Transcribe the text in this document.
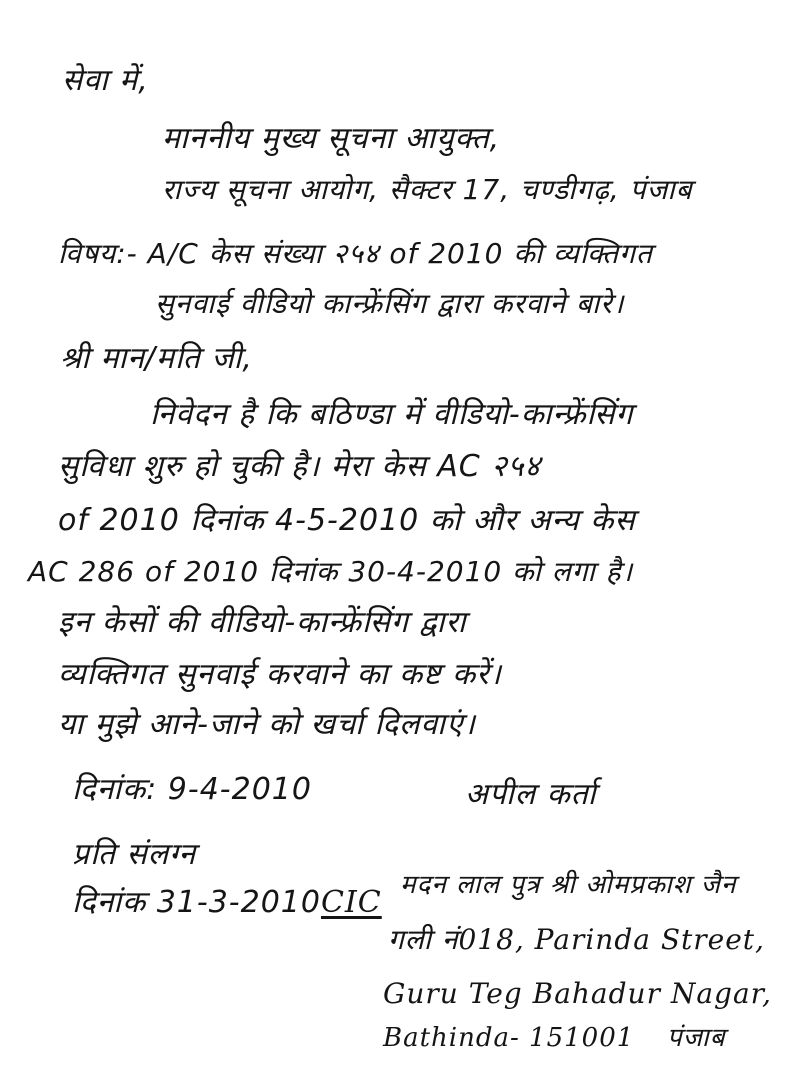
सेवा में,
माननीय मुख्य सूचना आयुक्त,
राज्य सूचना आयोग, सैक्टर 17, चण्डीगढ़, पंजाब
विषय:- A/C केस संख्या २५४ of 2010 की व्यक्तिगत
सुनवाई वीडियो कान्फ्रेंसिंग द्वारा करवाने बारे।
श्री मान/मति जी,
निवेदन है कि बठिण्डा में वीडियो-कान्फ्रेंसिंग
सुविधा शुरु हो चुकी है। मेरा केस AC २५४
of 2010 दिनांक 4-5-2010 को और अन्य केस
AC 286 of 2010 दिनांक 30-4-2010 को लगा है।
इन केसों की वीडियो-कान्फ्रेंसिंग द्वारा
व्यक्तिगत सुनवाई करवाने का कष्ट करें।
या मुझे आने-जाने को खर्चा दिलवाएं।
दिनांक: 9-4-2010	अपील कर्ता
प्रति संलग्न
दिनांक 31-3-2010CIC मदन लाल पुत्र श्री ओमप्रकाश जैन
गली नं018, Parinda Street,
Guru Teg Bahadur Nagar,
Bathinda- 151001 पंजाब
